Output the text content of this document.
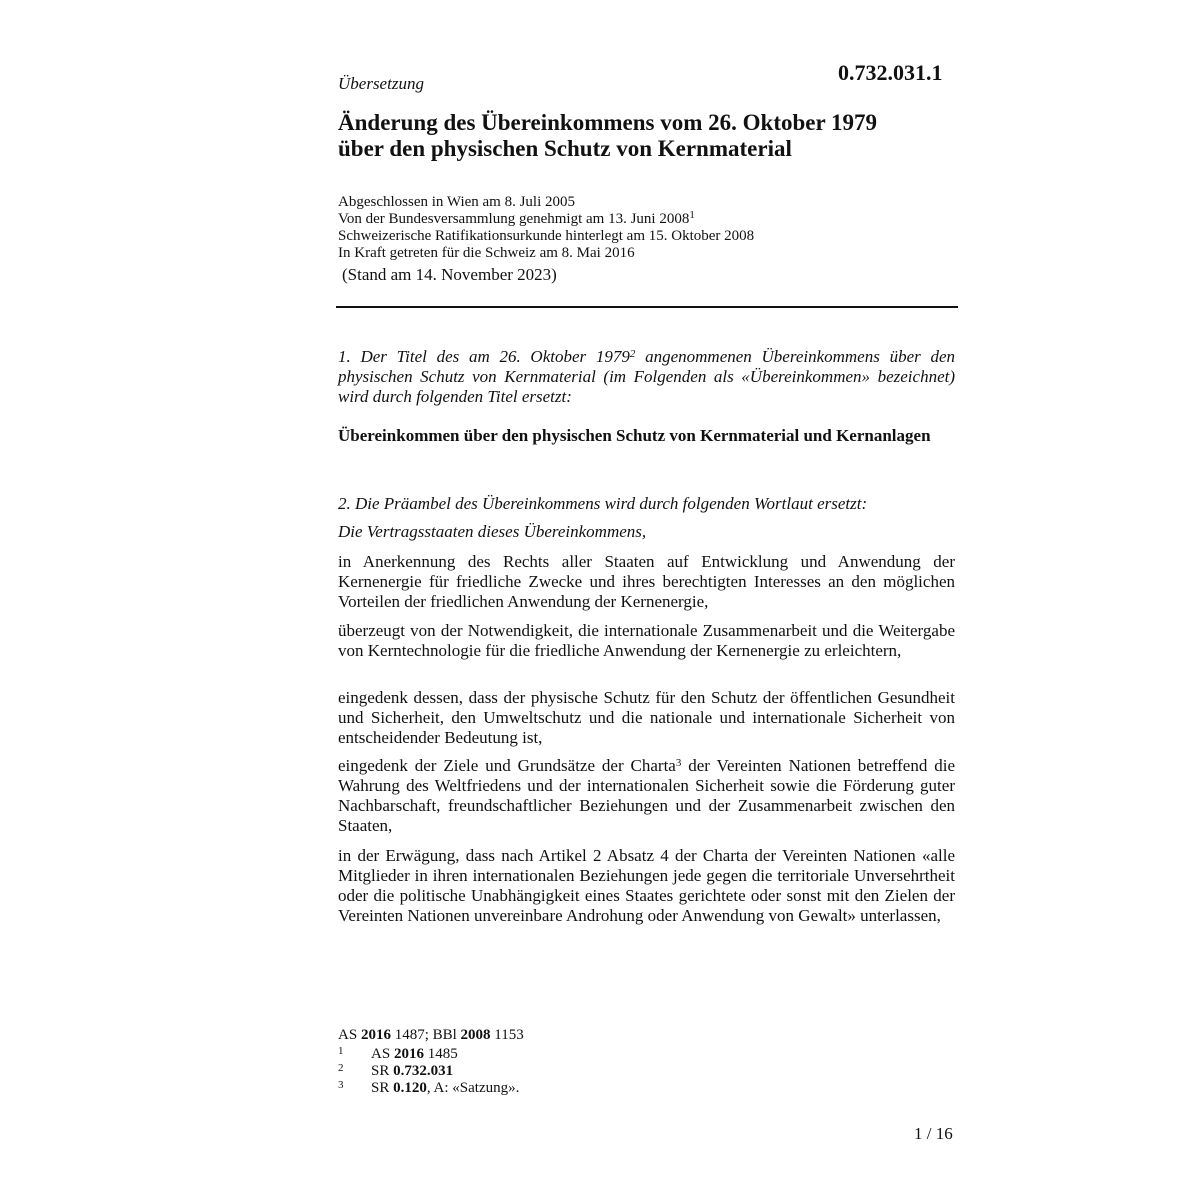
0.732.031.1
Übersetzung
Änderung des Übereinkommens vom 26. Oktober 1979
über den physischen Schutz von Kernmaterial
Abgeschlossen in Wien am 8. Juli 2005
Von der Bundesversammlung genehmigt am 13. Juni 2008$^1$
Schweizerische Ratifikationsurkunde hinterlegt am 15. Oktober 2008
In Kraft getreten für die Schweiz am 8. Mai 2016
(Stand am 14. November 2023)

1. Der Titel des am 26. Oktober 1979$^2$ angenommenen Übereinkommens über den physischen Schutz von Kernmaterial (im Folgenden als «Übereinkommen» bezeichnet) wird durch folgenden Titel ersetzt:

Übereinkommen über den physischen Schutz von Kernmaterial und Kernanlagen

2. Die Präambel des Übereinkommens wird durch folgenden Wortlaut ersetzt:

Die Vertragsstaaten dieses Übereinkommens,

in Anerkennung des Rechts aller Staaten auf Entwicklung und Anwendung der Kernenergie für friedliche Zwecke und ihres berechtigten Interesses an den möglichen Vorteilen der friedlichen Anwendung der Kernenergie,

überzeugt von der Notwendigkeit, die internationale Zusammenarbeit und die Weitergabe von Kerntechnologie für die friedliche Anwendung der Kernenergie zu erleichtern,

eingedenk dessen, dass der physische Schutz für den Schutz der öffentlichen Gesundheit und Sicherheit, den Umweltschutz und die nationale und internationale Sicherheit von entscheidender Bedeutung ist,

eingedenk der Ziele und Grundsätze der Charta$^3$ der Vereinten Nationen betreffend die Wahrung des Weltfriedens und der internationalen Sicherheit sowie die Förderung guter Nachbarschaft, freundschaftlicher Beziehungen und der Zusammenarbeit zwischen den Staaten,

in der Erwägung, dass nach Artikel 2 Absatz 4 der Charta der Vereinten Nationen «alle Mitglieder in ihren internationalen Beziehungen jede gegen die territoriale Unversehrtheit oder die politische Unabhängigkeit eines Staates gerichtete oder sonst mit den Zielen der Vereinten Nationen unvereinbare Androhung oder Anwendung von Gewalt» unterlassen,

AS 2016 1487; BBl 2008 1153
1 AS 2016 1485
2 SR 0.732.031
3 SR 0.120, A: «Satzung».
1 / 16
